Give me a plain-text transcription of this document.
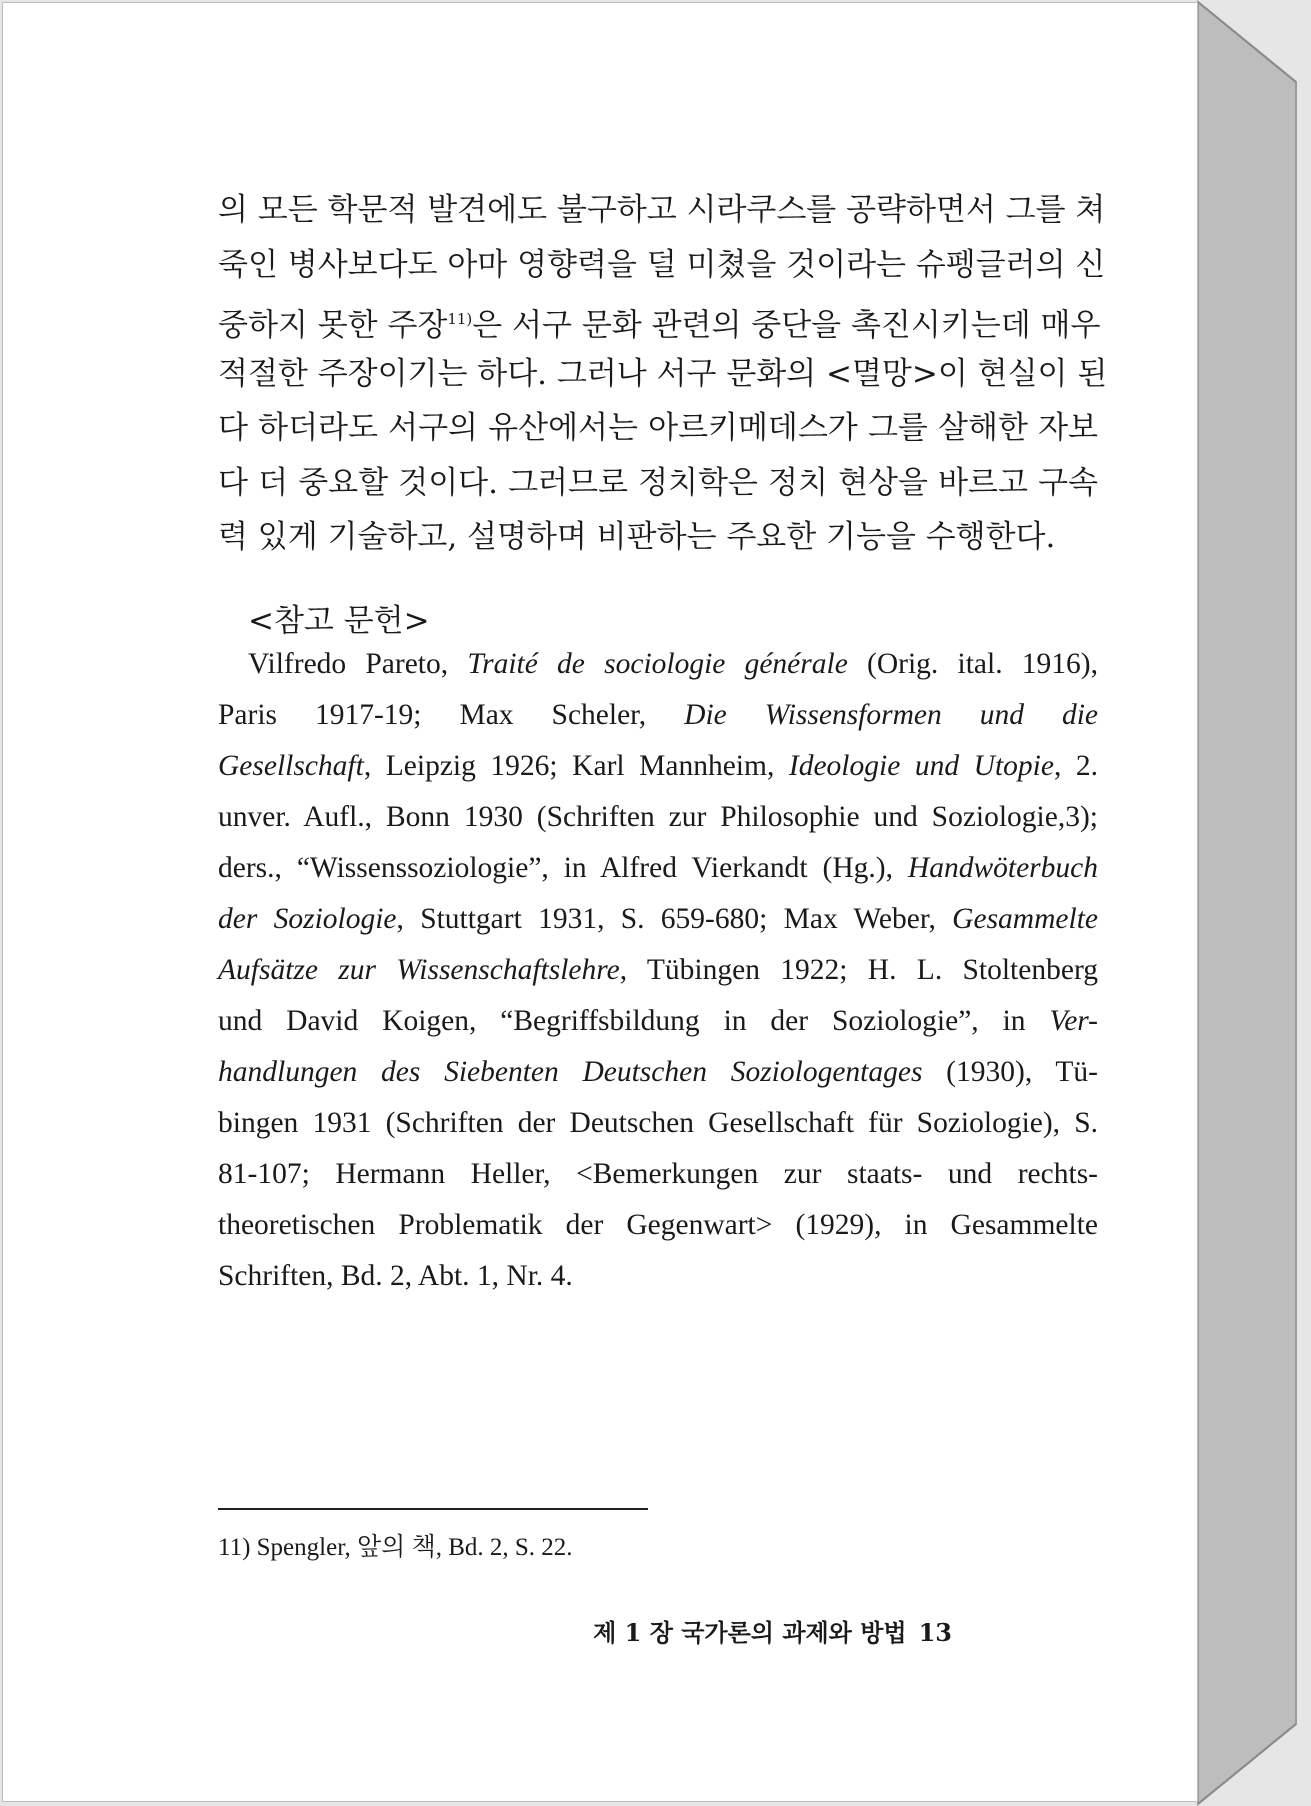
의 모든 학문적 발견에도 불구하고 시라쿠스를 공략하면서 그를 쳐
죽인 병사보다도 아마 영향력을 덜 미쳤을 것이라는 슈펭글러의 신
중하지 못한 주장$^{11)}$은 서구 문화 관련의 중단을 촉진시키는데 매우
적절한 주장이기는 하다. 그러나 서구 문화의 <멸망>이 현실이 된
다 하더라도 서구의 유산에서는 아르키메데스가 그를 살해한 자보
다 더 중요할 것이다. 그러므로 정치학은 정치 현상을 바르고 구속
력 있게 기술하고, 설명하며 비판하는 주요한 기능을 수행한다.
<참고 문헌>
Vilfredo Pareto, Traité de sociologie générale (Orig. ital. 1916),
Paris 1917-19; Max Scheler, Die Wissensformen und die
Gesellschaft, Leipzig 1926; Karl Mannheim, Ideologie und Utopie, 2.
unver. Aufl., Bonn 1930 (Schriften zur Philosophie und Soziologie,3);
ders., “Wissenssoziologie”, in Alfred Vierkandt (Hg.), Handwöterbuch
der Soziologie, Stuttgart 1931, S. 659-680; Max Weber, Gesammelte
Aufsätze zur Wissenschaftslehre, Tübingen 1922; H. L. Stoltenberg
und David Koigen, “Begriffsbildung in der Soziologie”, in Ver-
handlungen des Siebenten Deutschen Soziologentages (1930), Tü-
bingen 1931 (Schriften der Deutschen Gesellschaft für Soziologie), S.
81-107; Hermann Heller, <Bemerkungen zur staats- und rechts-
theoretischen Problematik der Gegenwart> (1929), in Gesammelte
Schriften, Bd. 2, Abt. 1, Nr. 4.
11) Spengler, 앞의 책, Bd. 2, S. 22.
제 1 장 국가론의 과제와 방법 13
